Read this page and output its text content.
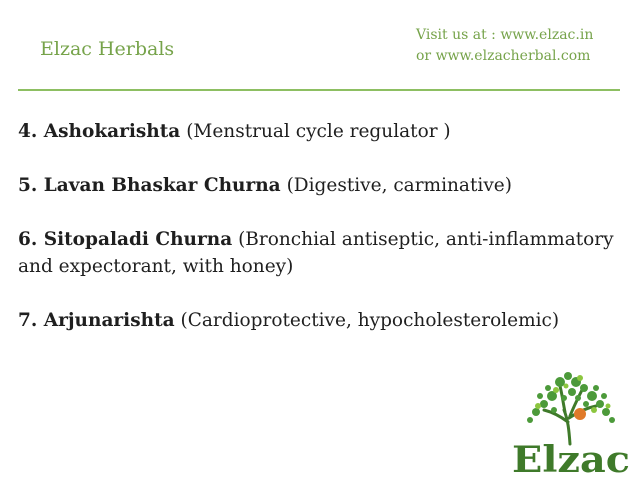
Elzac Herbals
Visit us at : www.elzac.in
or www.elzacherbal.com
4. Ashokarishta (Menstrual cycle regulator )
5. Lavan Bhaskar Churna (Digestive, carminative)
6. Sitopaladi Churna (Bronchial antiseptic, anti-inflammatory and expectorant, with honey)
7. Arjunarishta (Cardioprotective, hypocholesterolemic)
Elzac
